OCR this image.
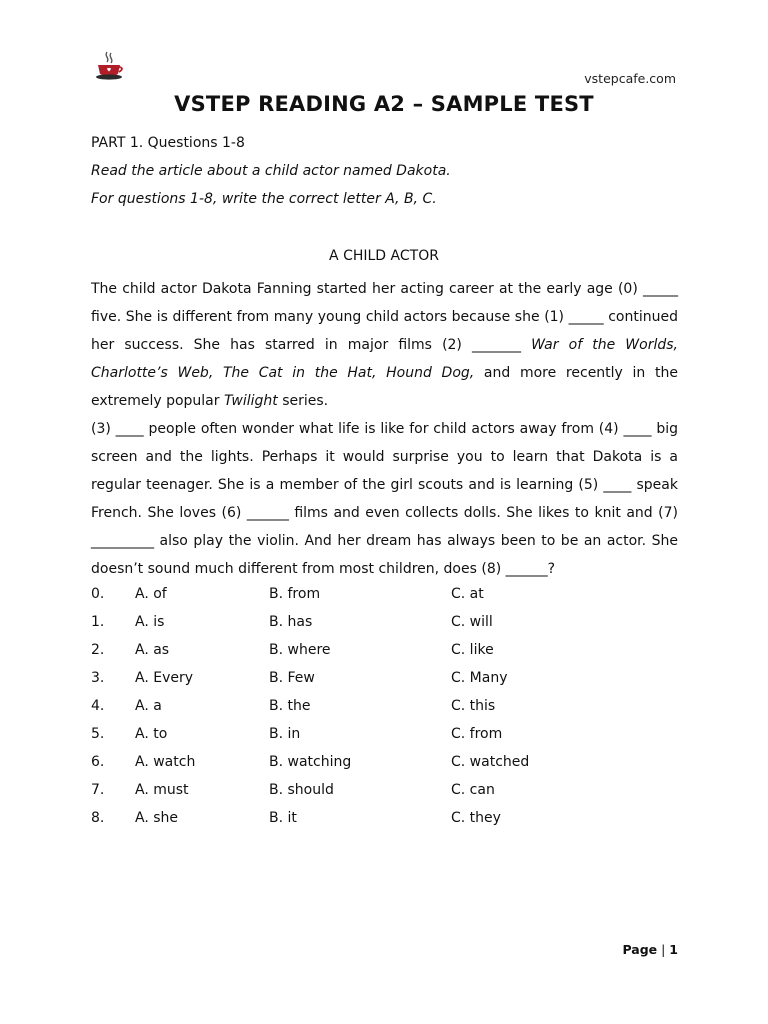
♥
vstepcafe.com
VSTEP READING A2 – SAMPLE TEST
PART 1. Questions 1-8
Read the article about a child actor named Dakota.
For questions 1-8, write the correct letter A, B, C.
A CHILD ACTOR

The child actor Dakota Fanning started her acting career at the early age (0) _____ five. She is different from many young child actors because she (1) _____ continued her success. She has starred in major films (2) _______ War of the Worlds, Charlotte’s Web, The Cat in the Hat, Hound Dog, and more recently in the extremely popular Twilight series.

(3) ____ people often wonder what life is like for child actors away from (4) ____ big screen and the lights. Perhaps it would surprise you to learn that Dakota is a regular teenager. She is a member of the girl scouts and is learning (5) ____ speak French. She loves (6) ______ films and even collects dolls. She likes to knit and (7) _________ also play the violin. And her dream has always been to be an actor. She doesn’t sound much different from most children, does (8) ______?

0. A. of	B. from	C. at
1. A. is	B. has	C. will
2. A. as	B. where	C. like
3. A. Every	B. Few	C. Many
4. A. a	B. the	C. this
5. A. to	B. in	C. from
6. A. watch	B. watching	C. watched
7. A. must	B. should	C. can
8. A. she	B. it	C. they
Page | 1
